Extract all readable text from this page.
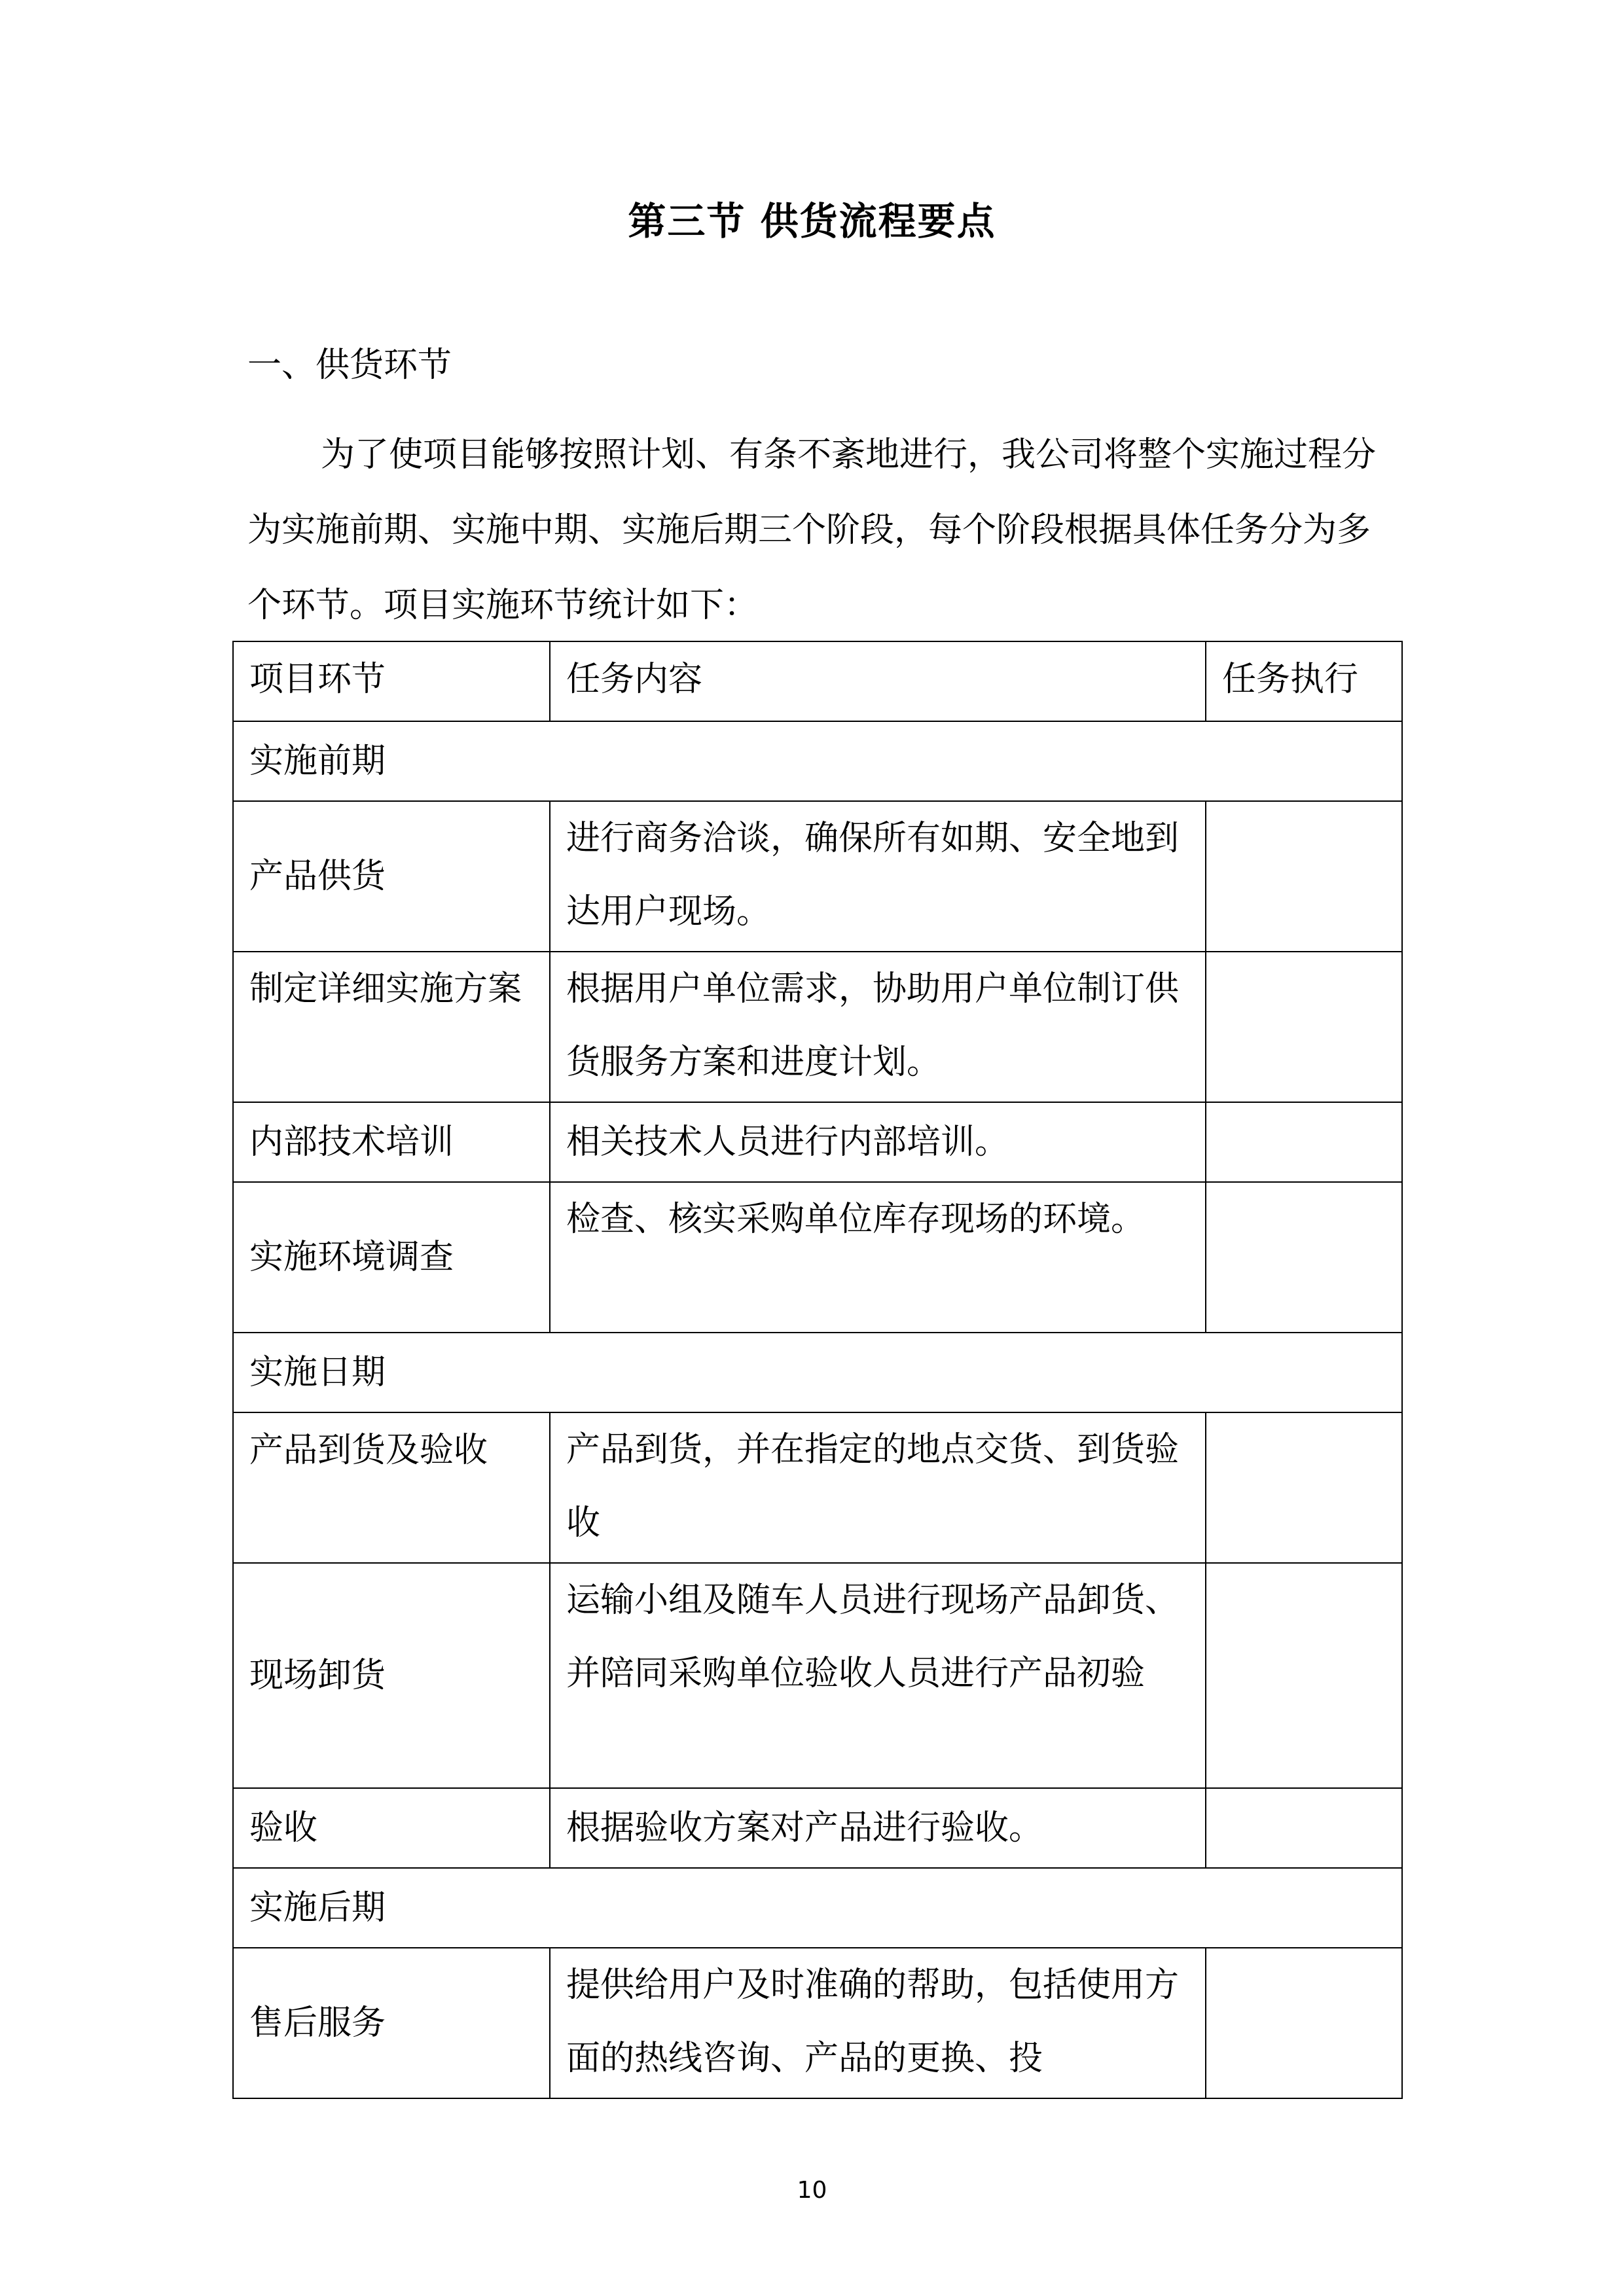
第三节 供货流程要点
一、供货环节

为了使项目能够按照计划、有条不紊地进行，我公司将整个实施过程分为实施前期、实施中期、实施后期三个阶段，每个阶段根据具体任务分为多个环节。项目实施环节统计如下：

项目环节	任务内容	任务执行
实施前期		
产品供货	进行商务洽谈，确保所有如期、安全地到达用户现场。	
制定详细实施方案	根据用户单位需求，协助用户单位制订供货服务方案和进度计划。	
内部技术培训	相关技术人员进行内部培训。	
实施环境调查	检查、核实采购单位库存现场的环境。	
实施日期		
产品到货及验收	产品到货，并在指定的地点交货、到货验收	
现场卸货	运输小组及随车人员进行现场产品卸货、并陪同采购单位验收人员进行产品初验	
验收	根据验收方案对产品进行验收。	
实施后期		
售后服务	提供给用户及时准确的帮助，包括使用方面的热线咨询、产品的更换、投	
10
